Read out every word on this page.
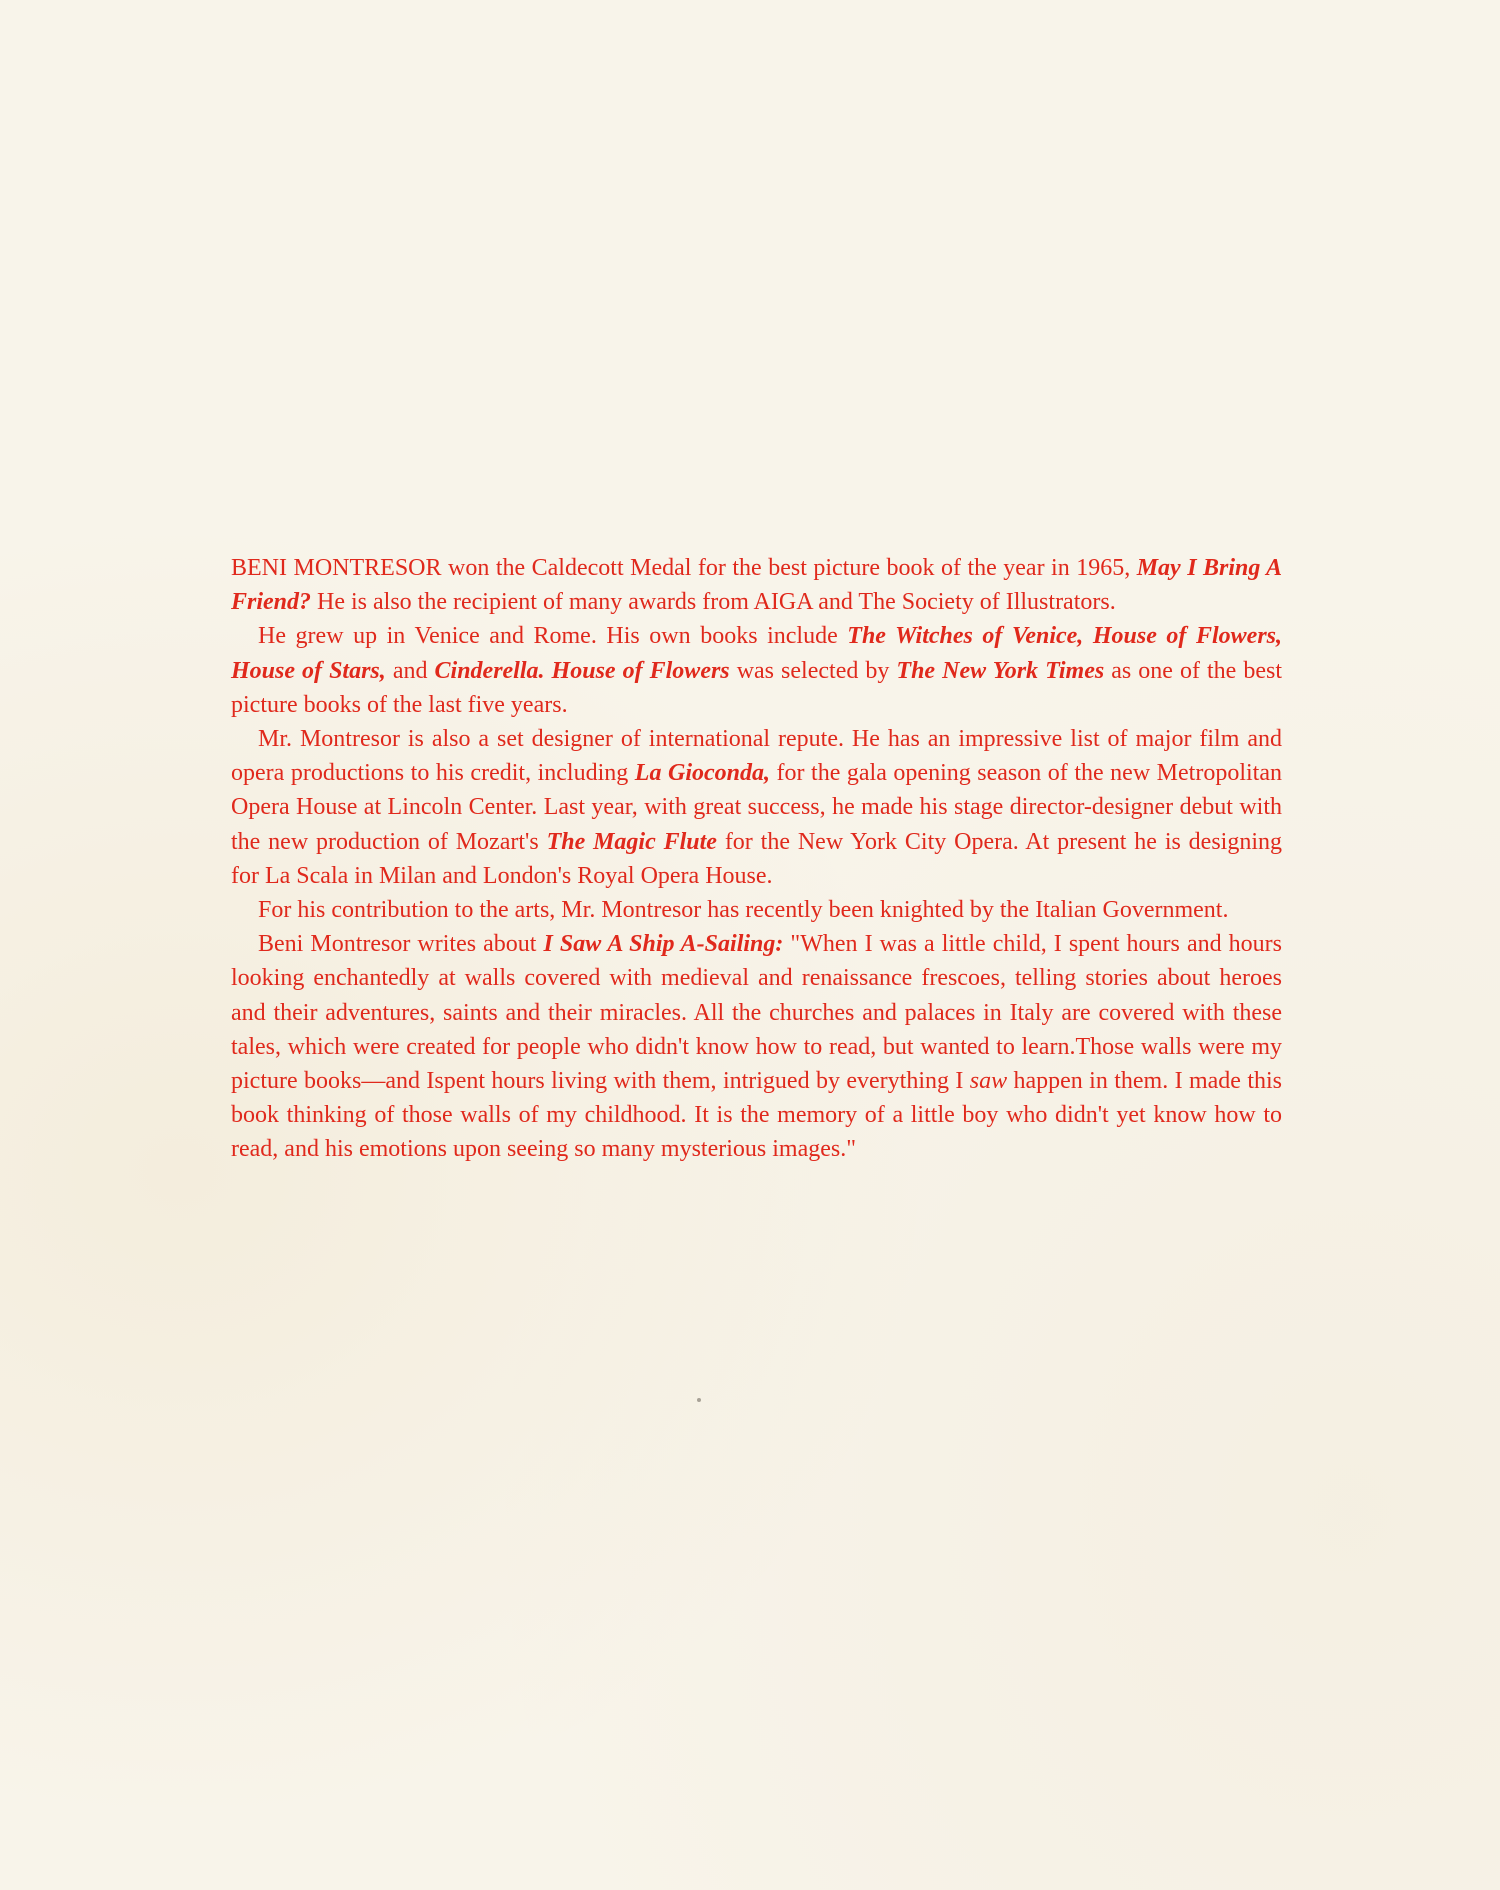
BENI MONTRESOR won the Caldecott Medal for the best picture book of the year in 1965, May I Bring A Friend? He is also the recipient of many awards from AIGA and The Society of Illustrators.

He grew up in Venice and Rome. His own books include The Witches of Venice, House of Flowers, House of Stars, and Cinderella. House of Flowers was selected by The New York Times as one of the best picture books of the last five years.

Mr. Montresor is also a set designer of international repute. He has an impressive list of major film and opera productions to his credit, including La Gioconda, for the gala opening season of the new Metropolitan Opera House at Lincoln Center. Last year, with great success, he made his stage director-designer debut with the new production of Mozart's The Magic Flute for the New York City Opera. At present he is designing for La Scala in Milan and London's Royal Opera House.

For his contribution to the arts, Mr. Montresor has recently been knighted by the Italian Government.

Beni Montresor writes about I Saw A Ship A-Sailing: "When I was a little child, I spent hours and hours looking enchantedly at walls covered with medieval and renaissance frescoes, telling stories about heroes and their adventures, saints and their miracles. All the churches and palaces in Italy are covered with these tales, which were created for people who didn't know how to read, but wanted to learn.Those walls were my picture books—and Ispent hours living with them, intrigued by everything I saw happen in them. I made this book thinking of those walls of my childhood. It is the memory of a little boy who didn't yet know how to read, and his emotions upon seeing so many mysterious images."
